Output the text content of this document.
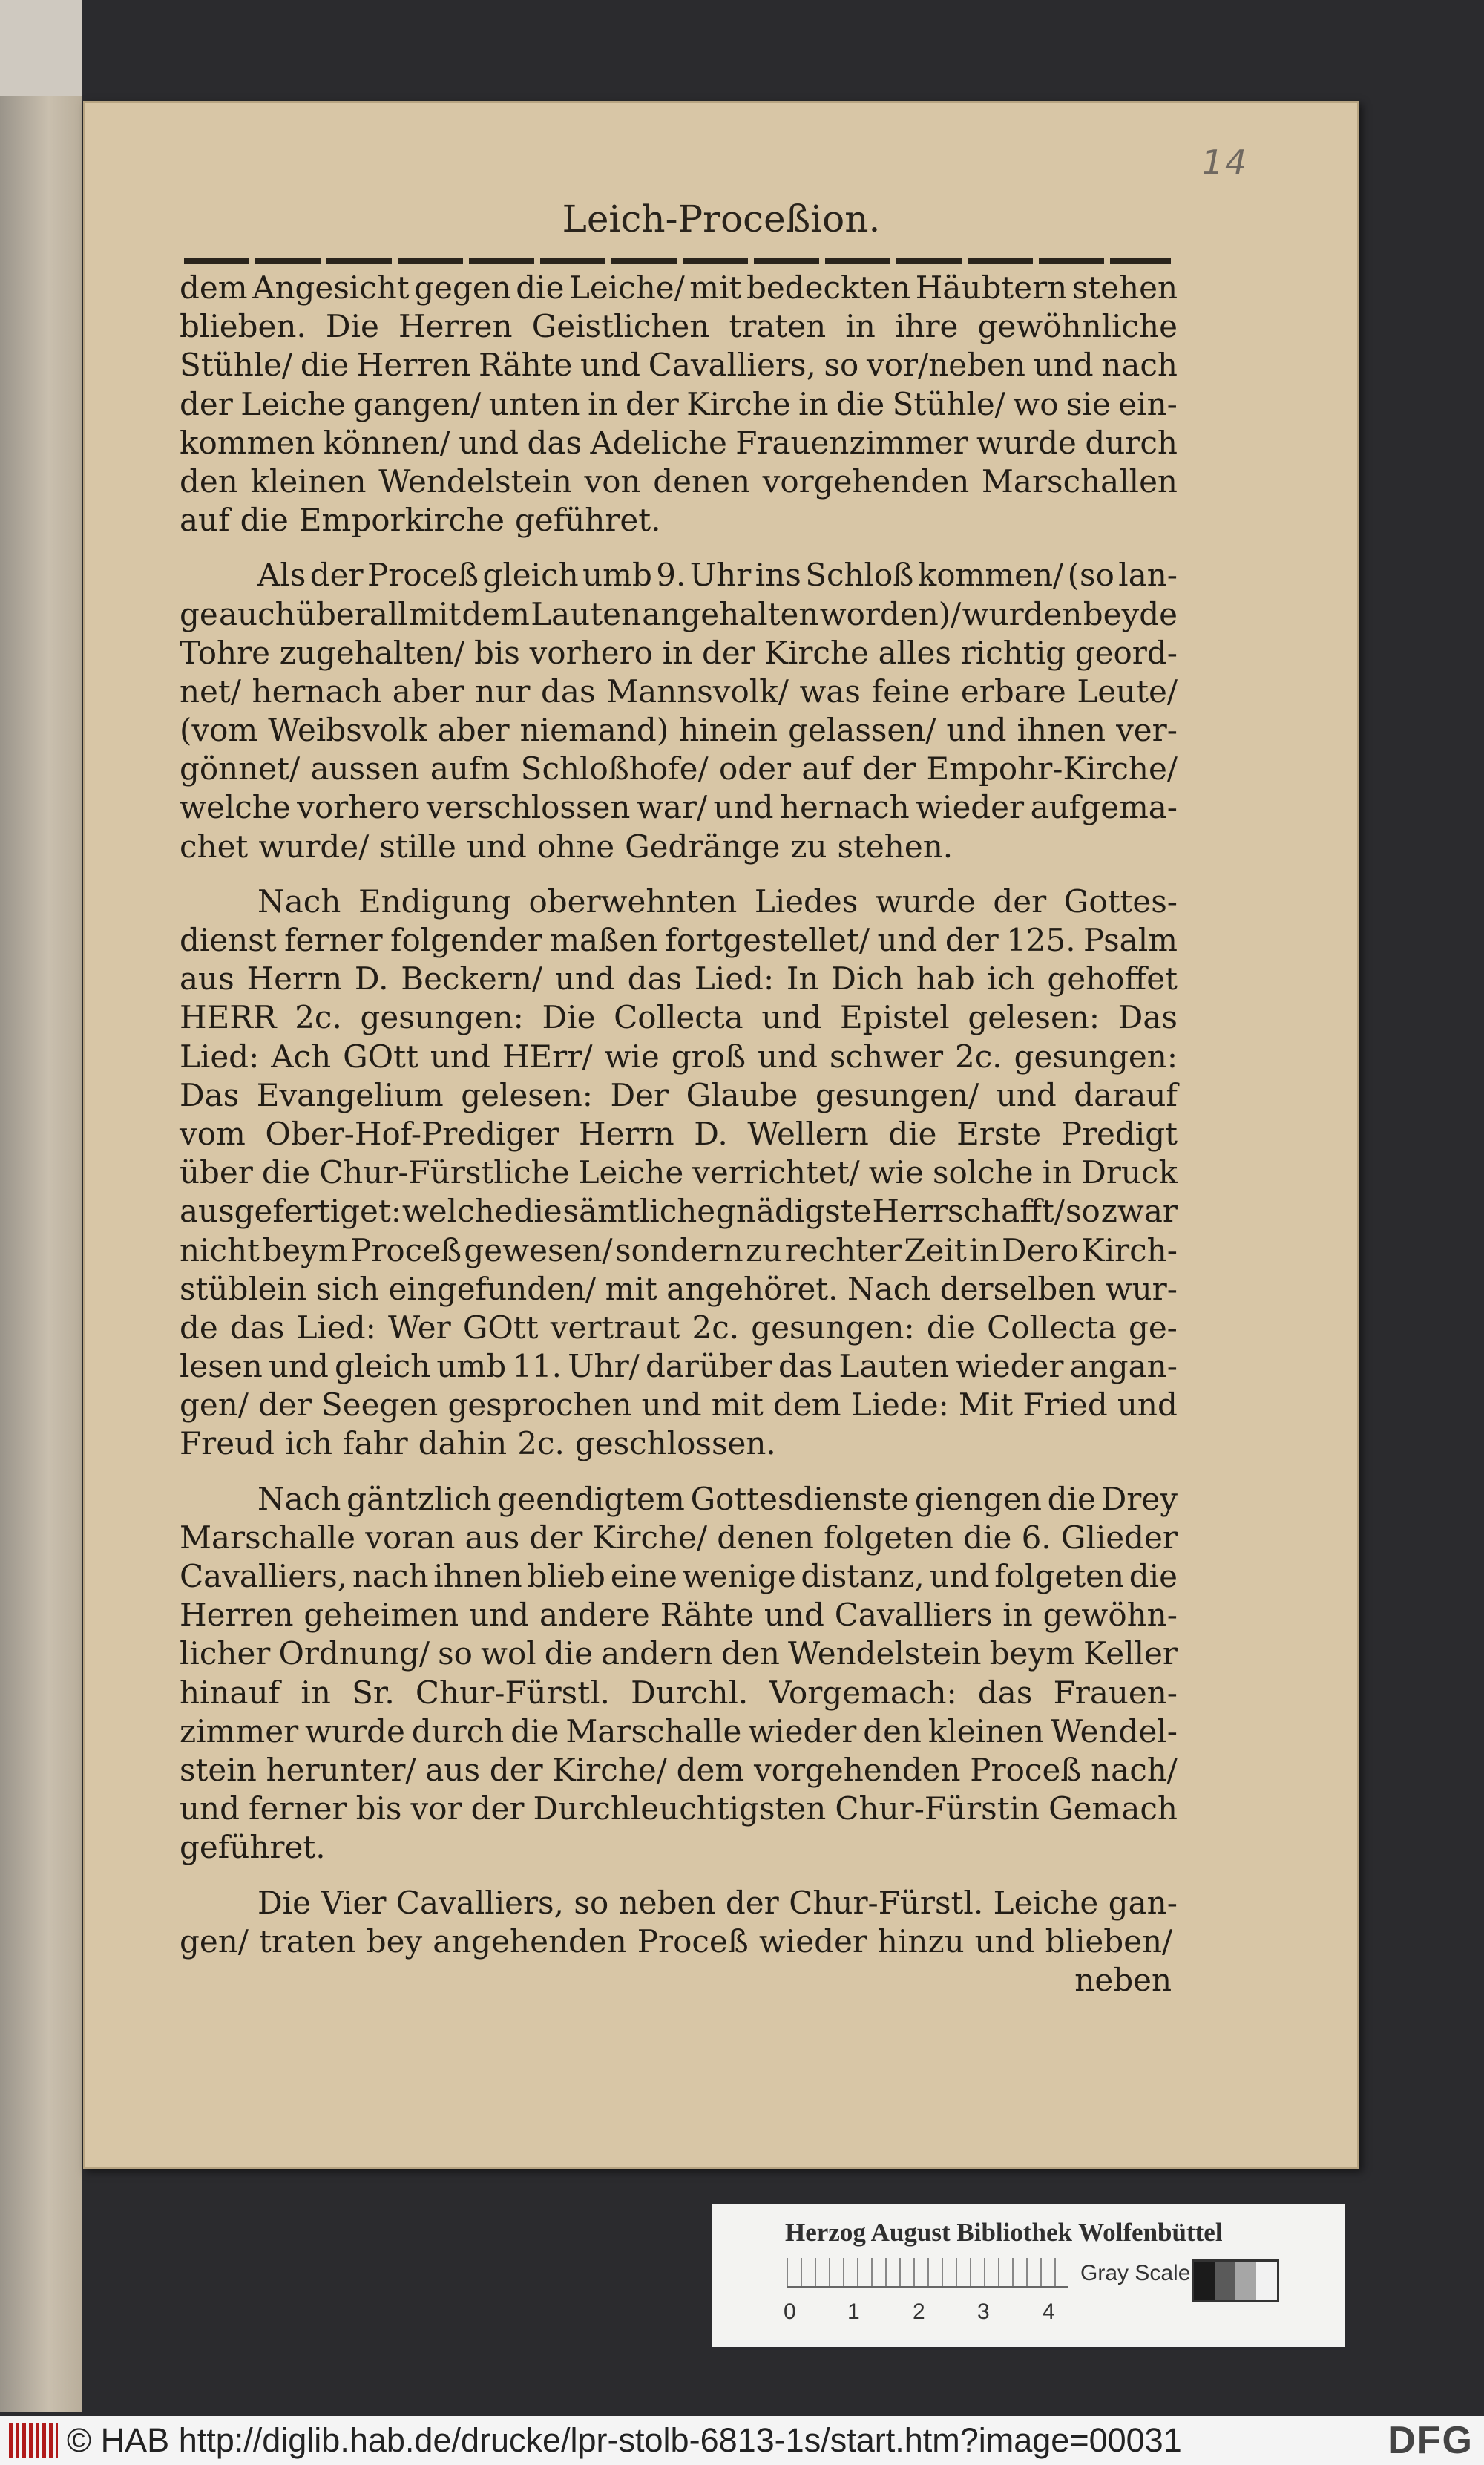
14
Leich-Proceßion.
dem Angesicht gegen die Leiche/ mit bedeckten Häubtern stehen
blieben. Die Herren Geistlichen traten in ihre gewöhnliche
Stühle/ die Herren Rähte und Cavalliers, so vor/neben und nach
der Leiche gangen/ unten in der Kirche in die Stühle/ wo sie ein-
kommen können/ und das Adeliche Frauenzimmer wurde durch
den kleinen Wendelstein von denen vorgehenden Marschallen
auf die Emporkirche geführet.
Als der Proceß gleich umb 9. Uhr ins Schloß kommen/ (so lan-
ge auch überall mit dem Lauten angehalten worden)/ wurden beyde
Tohre zugehalten/ bis vorhero in der Kirche alles richtig geord-
net/ hernach aber nur das Mannsvolk/ was feine erbare Leute/
(vom Weibsvolk aber niemand) hinein gelassen/ und ihnen ver-
gönnet/ aussen aufm Schloßhofe/ oder auf der Empohr-Kirche/
welche vorhero verschlossen war/ und hernach wieder aufgema-
chet wurde/ stille und ohne Gedränge zu stehen.
Nach Endigung oberwehnten Liedes wurde der Gottes-
dienst ferner folgender maßen fortgestellet/ und der 125. Psalm
aus Herrn D. Beckern/ und das Lied: In Dich hab ich gehoffet
HERR 2c. gesungen: Die Collecta und Epistel gelesen: Das
Lied: Ach GOtt und HErr/ wie groß und schwer 2c. gesungen:
Das Evangelium gelesen: Der Glaube gesungen/ und darauf
vom Ober-Hof-Prediger Herrn D. Wellern die Erste Predigt
über die Chur-Fürstliche Leiche verrichtet/ wie solche in Druck
ausgefertiget: welche die sämtliche gnädigste Herrschafft/ so zwar
nicht beym Proceß gewesen/ sondern zu rechter Zeit in Dero Kirch-
stüblein sich eingefunden/ mit angehöret. Nach derselben wur-
de das Lied: Wer GOtt vertraut 2c. gesungen: die Collecta ge-
lesen und gleich umb 11. Uhr/ darüber das Lauten wieder angan-
gen/ der Seegen gesprochen und mit dem Liede: Mit Fried und
Freud ich fahr dahin 2c. geschlossen.
Nach gäntzlich geendigtem Gottesdienste giengen die Drey
Marschalle voran aus der Kirche/ denen folgeten die 6. Glieder
Cavalliers, nach ihnen blieb eine wenige distanz, und folgeten die
Herren geheimen und andere Rähte und Cavalliers in gewöhn-
licher Ordnung/ so wol die andern den Wendelstein beym Keller
hinauf in Sr. Chur-Fürstl. Durchl. Vorgemach: das Frauen-
zimmer wurde durch die Marschalle wieder den kleinen Wendel-
stein herunter/ aus der Kirche/ dem vorgehenden Proceß nach/
und ferner bis vor der Durchleuchtigsten Chur-Fürstin Gemach
geführet.
Die Vier Cavalliers, so neben der Chur-Fürstl. Leiche gan-
gen/ traten bey angehenden Proceß wieder hinzu und blieben/
neben
Herzog August Bibliothek Wolfenbüttel
0 1 2 3 4
Gray Scale
© HAB http://diglib.hab.de/drucke/lpr-stolb-6813-1s/start.htm?image=00031	DFG
